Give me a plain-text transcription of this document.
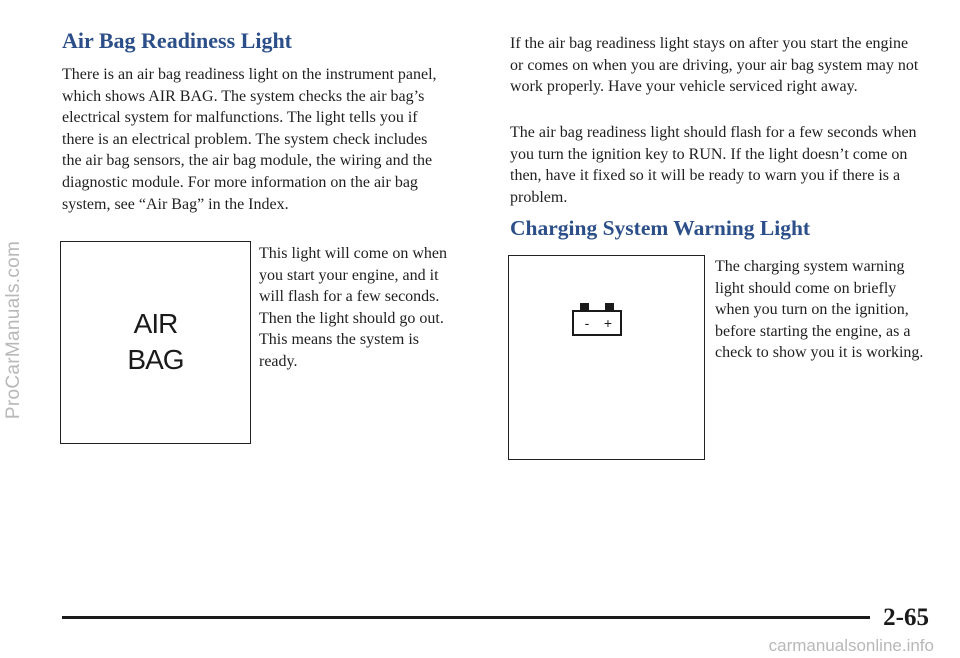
ProCarManuals.com
Air Bag Readiness Light

There is an air bag readiness light on the instrument panel, which shows AIR BAG. The system checks the air bag’s electrical system for malfunctions. The light tells you if there is an electrical problem. The system check includes the air bag sensors, the air bag module, the wiring and the diagnostic module. For more information on the air bag system, see “Air Bag” in the Index.

AIR
BAG

This light will come on when you start your engine, and it will flash for a few seconds. Then the light should go out. This means the system is ready.

If the air bag readiness light stays on after you start the engine or comes on when you are driving, your air bag system may not work properly. Have your vehicle serviced right away.

The air bag readiness light should flash for a few seconds when you turn the ignition key to RUN. If the light doesn’t come on then, have it fixed so it will be ready to warn you if there is a problem.

Charging System Warning Light
- +

The charging system warning light should come on briefly when you turn on the ignition, before starting the engine, as a check to show you it is working.

2-65

carmanualsonline.info
